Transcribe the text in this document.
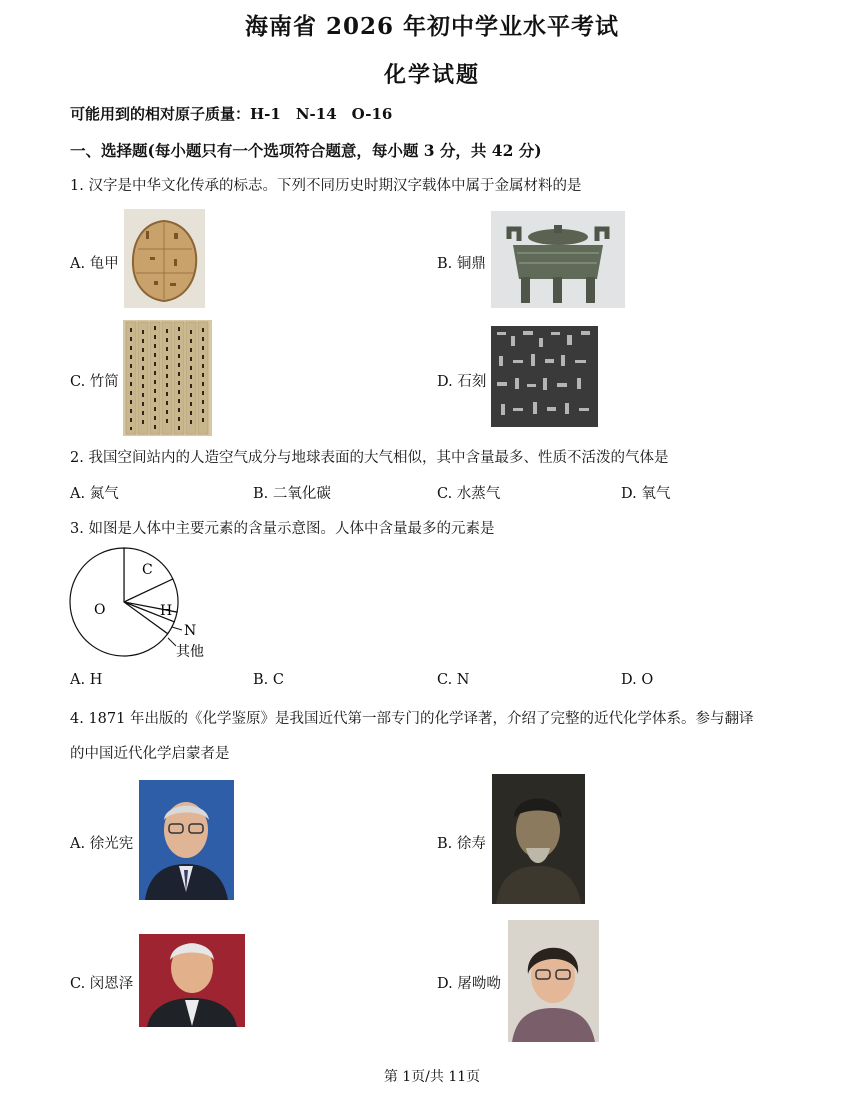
海南省 2026 年初中学业水平考试
化学试题
可能用到的相对原子质量：H-1　N-14　O-16
一、选择题(每小题只有一个选项符合题意，每小题 3 分，共 42 分)
1. 汉字是中华文化传承的标志。下列不同历史时期汉字载体中属于金属材料的是
A. 龟甲	B. 铜鼎
C. 竹简	D. 石刻
2. 我国空间站内的人造空气成分与地球表面的大气相似，其中含量最多、性质不活泼的气体是
A. 氮气	B. 二氧化碳	C. 水蒸气	D. 氧气
3. 如图是人体中主要元素的含量示意图。人体中含量最多的元素是
O
C
H
N
其他
A. H	B. C	C. N	D. O
4. 1871 年出版的《化学鉴原》是我国近代第一部专门的化学译著，介绍了完整的近代化学体系。参与翻译
的中国近代化学启蒙者是
A. 徐光宪	B. 徐寿
C. 闵恩泽	D. 屠呦呦
第 1页/共 11页
